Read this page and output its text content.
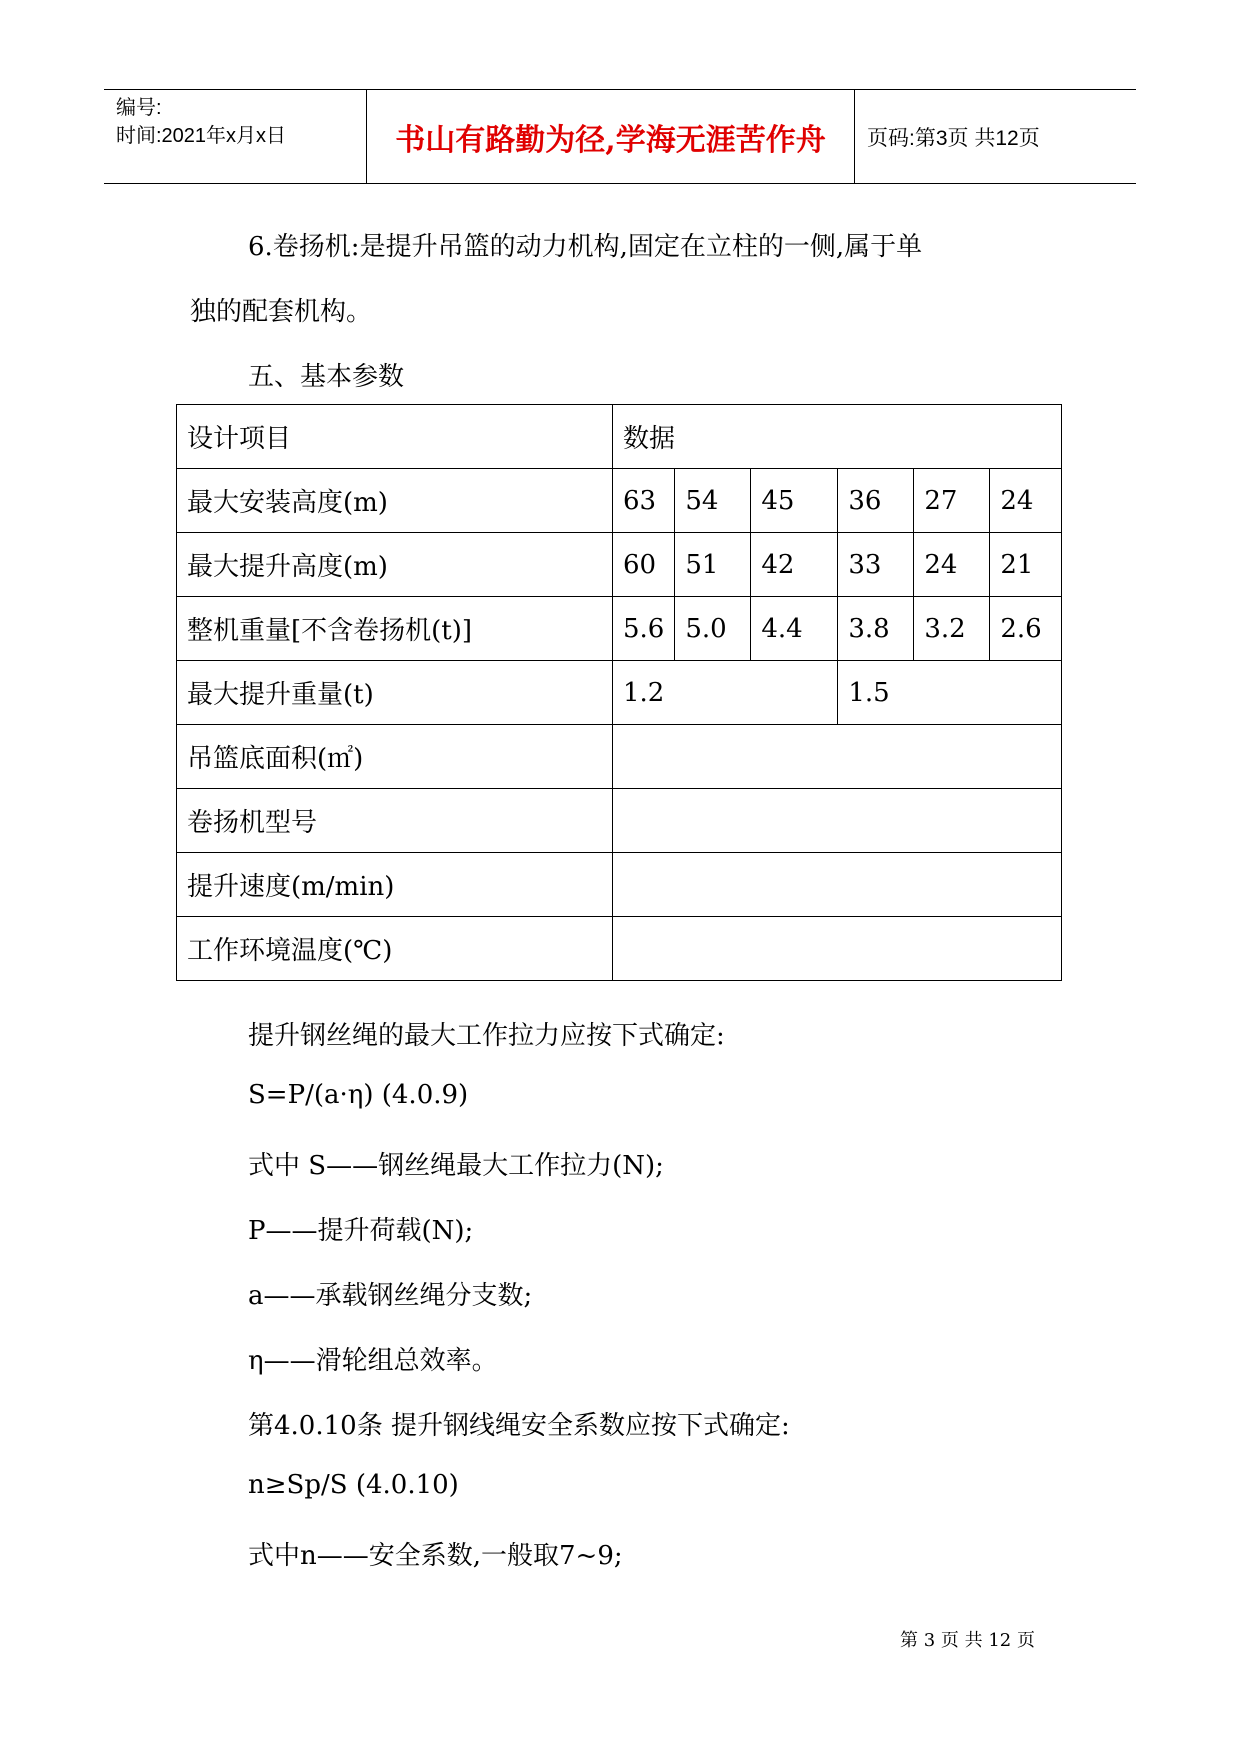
编号:
时间:2021年x月x日	书山有路勤为径,学海无涯苦作舟	页码:第3页 共12页
6.卷扬机:是提升吊篮的动力机构,固定在立柱的一侧,属于单
独的配套机构。
五、基本参数
设计项目	数据					
最大安装高度(m)	63	54	45	36	27	24
最大提升高度(m)	60	51	42	33	24	21
整机重量[不含卷扬机(t)]	5.6	5.0	4.4	3.8	3.2	2.6
最大提升重量(t)	1.2			1.5		
吊篮底面积(㎡)						
卷扬机型号						
提升速度(m/min)						
工作环境温度(℃)						
提升钢丝绳的最大工作拉力应按下式确定:
S=P/(a·η) (4.0.9)
式中 S——钢丝绳最大工作拉力(N);
P——提升荷载(N);
a——承载钢丝绳分支数;
η——滑轮组总效率。
第4.0.10条 提升钢线绳安全系数应按下式确定:
n≥Sp/S (4.0.10)
式中n——安全系数,一般取7~9;
第 3 页 共 12 页
